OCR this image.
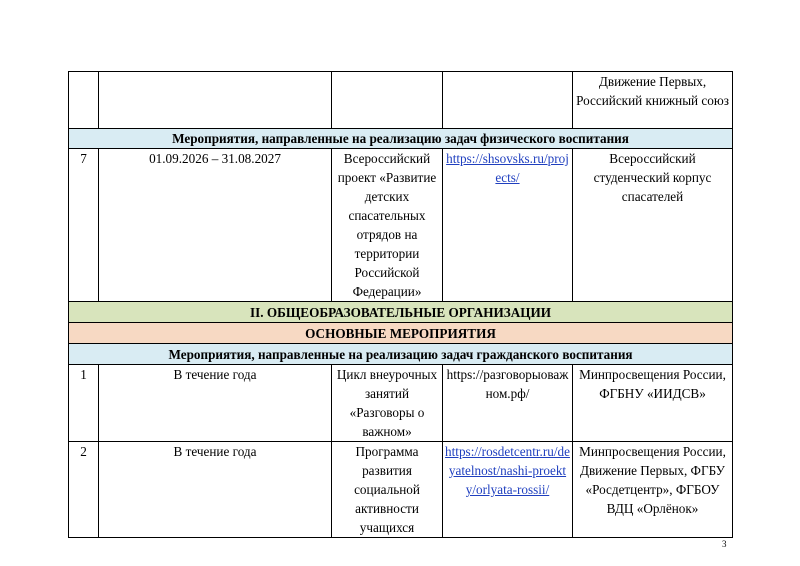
				Движение Первых, Российский книжный союз
Мероприятия, направленные на реализацию задач физического воспитания				
7	01.09.2026 – 31.08.2027	Всероссийский проект «Развитие детских спасательных отрядов на территории Российской Федерации»	https://shsovsks.ru/projects/	Всероссийский студенческий корпус спасателей
II. ОБЩЕОБРАЗОВАТЕЛЬНЫЕ ОРГАНИЗАЦИИ				
ОСНОВНЫЕ МЕРОПРИЯТИЯ				
Мероприятия, направленные на реализацию задач гражданского воспитания				
1	В течение года	Цикл внеурочных занятий «Разговоры о важном»	https://разговорыоважном.рф/	Минпросвещения России, ФГБНУ «ИИДСВ»
2	В течение года	Программа развития социальной активности учащихся	https://rosdetcentr.ru/deyatelnost/nashi-proekty/orlyata-rossii/	Минпросвещения России, Движение Первых, ФГБУ «Росдетцентр», ФГБОУ ВДЦ «Орлёнок»
3
